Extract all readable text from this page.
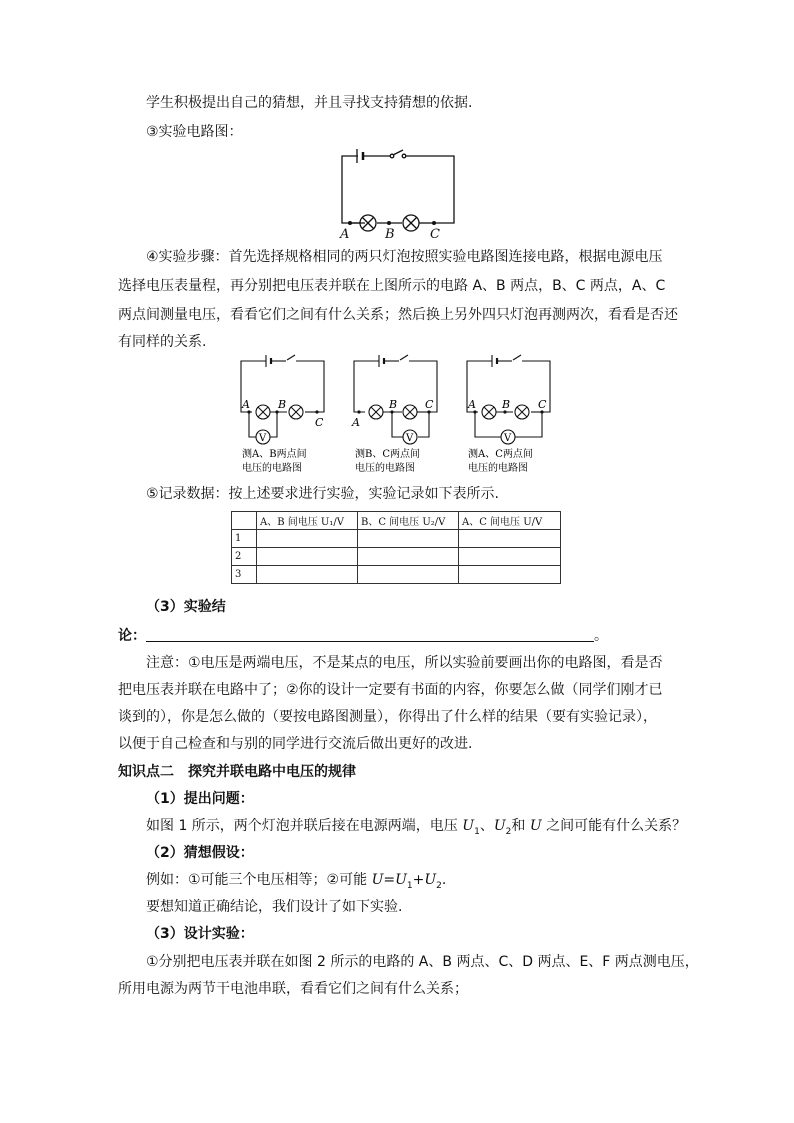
学生积极提出自己的猜想，并且寻找支持猜想的依据.
③实验电路图：
A	B	C
④实验步骤：首先选择规格相同的两只灯泡按照实验电路图连接电路，根据电源电压
选择电压表量程，再分别把电压表并联在上图所示的电路 A、B 两点，B、C 两点，A、C
两点间测量电压，看看它们之间有什么关系；然后换上另外四只灯泡再测两次，看看是否还
有同样的关系.
V
A	B
C
测A、B两点间
电压的电路图
V
A
B	C
测B、C两点间
电压的电路图
V
A B	C
测A、C两点间
电压的电路图
⑤记录数据：按上述要求进行实验，实验记录如下表所示.
	A、B 间电压 U₁/V	B、C 间电压 U₂/V	A、C 间电压 U/V
1			
2			
3			
（3）实验结
论：	。
注意：①电压是两端电压，不是某点的电压，所以实验前要画出你的电路图，看是否
把电压表并联在电路中了；②你的设计一定要有书面的内容，你要怎么做（同学们刚才已
谈到的），你是怎么做的（要按电路图测量），你得出了什么样的结果（要有实验记录），
以便于自己检查和与别的同学进行交流后做出更好的改进.
知识点二　探究并联电路中电压的规律
（1）提出问题：
如图 1 所示，两个灯泡并联后接在电源两端，电压 $U_1$、$U_2$和 U 之间可能有什么关系？
（2）猜想假设：
例如：①可能三个电压相等；②可能 $U=U_1+U_2$.
要想知道正确结论，我们设计了如下实验.
（3）设计实验：
①分别把电压表并联在如图 2 所示的电路的 A、B 两点、C、D 两点、E、F 两点测电压，
所用电源为两节干电池串联，看看它们之间有什么关系；
